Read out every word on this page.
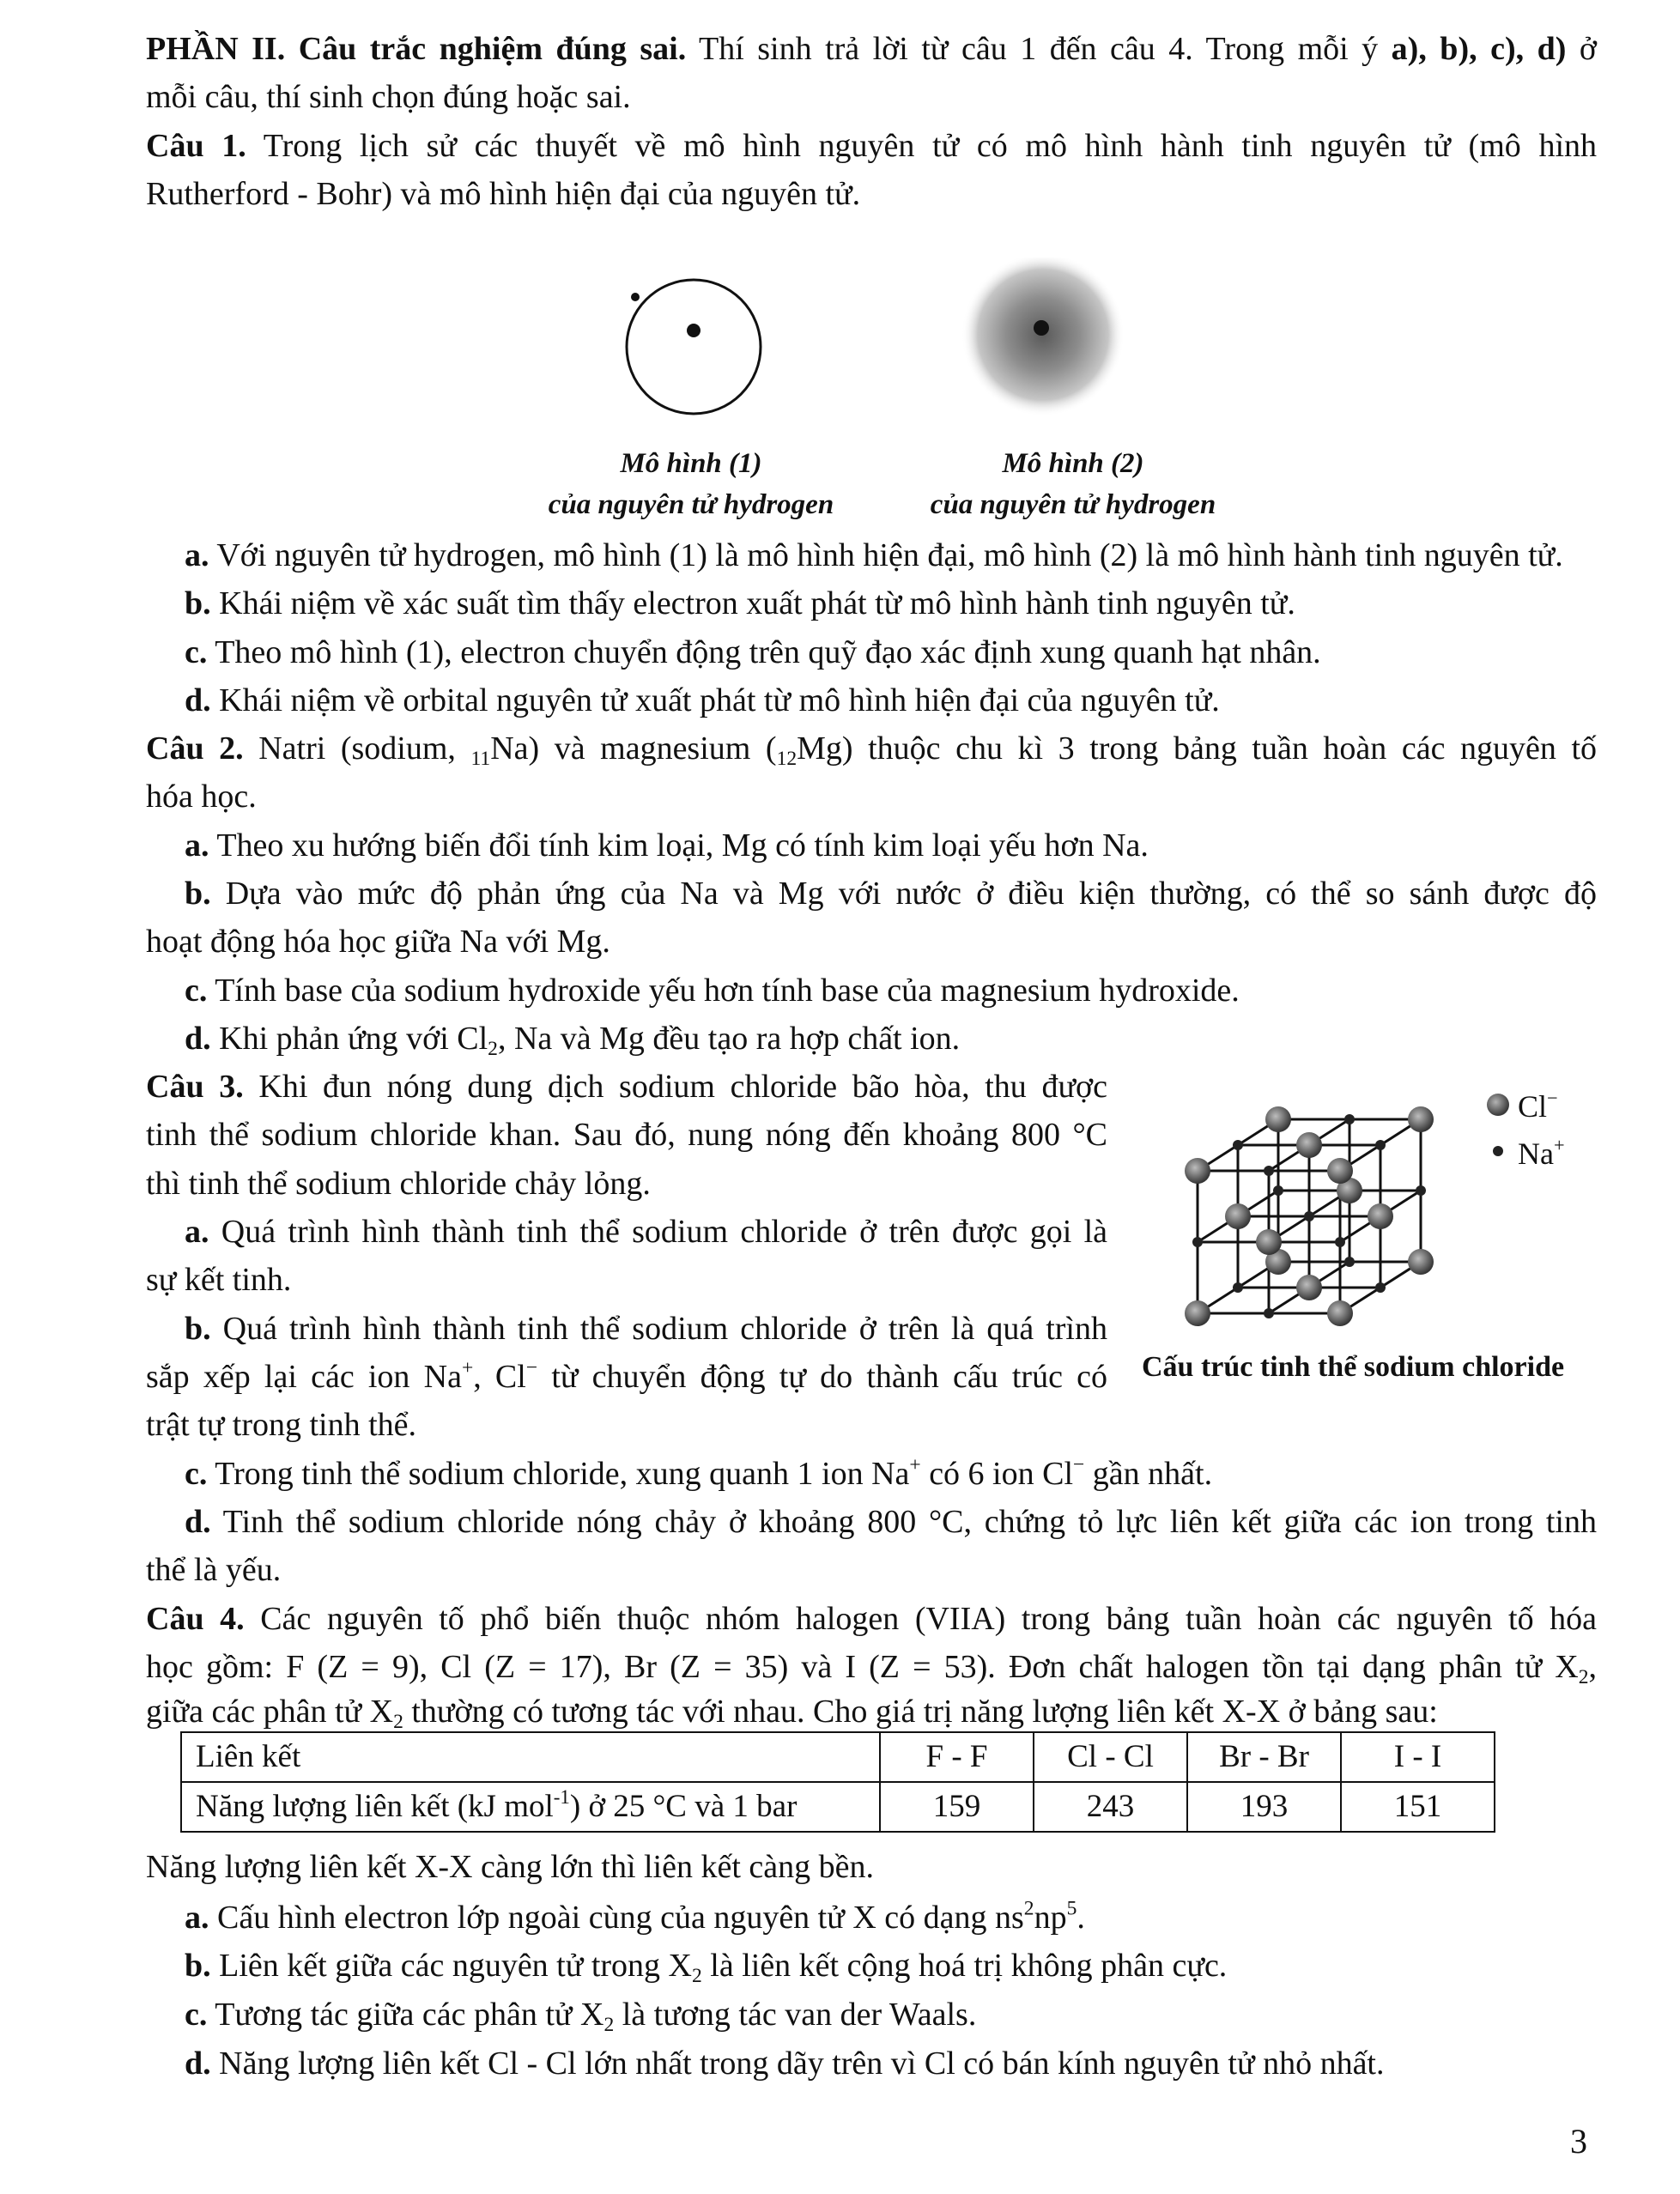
PHẦN II. Câu trắc nghiệm đúng sai. Thí sinh trả lời từ câu 1 đến câu 4. Trong mỗi ý a), b), c), d) ở
mỗi câu, thí sinh chọn đúng hoặc sai.
Câu 1. Trong lịch sử các thuyết về mô hình nguyên tử có mô hình hành tinh nguyên tử (mô hình
Rutherford - Bohr) và mô hình hiện đại của nguyên tử.
Mô hình (1)
của nguyên tử hydrogen
Mô hình (2)
của nguyên tử hydrogen
a. Với nguyên tử hydrogen, mô hình (1) là mô hình hiện đại, mô hình (2) là mô hình hành tinh nguyên tử.
b. Khái niệm về xác suất tìm thấy electron xuất phát từ mô hình hành tinh nguyên tử.
c. Theo mô hình (1), electron chuyển động trên quỹ đạo xác định xung quanh hạt nhân.
d. Khái niệm về orbital nguyên tử xuất phát từ mô hình hiện đại của nguyên tử.
Câu 2. Natri (sodium, $_{11}$Na) và magnesium $(_{12}Mg)$ thuộc chu kì 3 trong bảng tuần hoàn các nguyên tố
hóa học.
a. Theo xu hướng biến đổi tính kim loại, Mg có tính kim loại yếu hơn Na.
b. Dựa vào mức độ phản ứng của Na và Mg với nước ở điều kiện thường, có thể so sánh được độ
hoạt động hóa học giữa Na với Mg.
c. Tính base của sodium hydroxide yếu hơn tính base của magnesium hydroxide.
d. Khi phản ứng với $Cl_2$, Na và Mg đều tạo ra hợp chất ion.
Câu 3. Khi đun nóng dung dịch sodium chloride bão hòa, thu được
tinh thể sodium chloride khan. Sau đó, nung nóng đến khoảng 800 °C
thì tinh thể sodium chloride chảy lỏng.
a. Quá trình hình thành tinh thể sodium chloride ở trên được gọi là
sự kết tinh.
b. Quá trình hình thành tinh thể sodium chloride ở trên là quá trình
sắp xếp lại các ion Na+, Cl− từ chuyển động tự do thành cấu trúc có
trật tự trong tinh thể.
c. Trong tinh thể sodium chloride, xung quanh 1 ion Na+ có 6 ion Cl− gần nhất.
d. Tinh thể sodium chloride nóng chảy ở khoảng 800 °C, chứng tỏ lực liên kết giữa các ion trong tinh
thể là yếu.
Cl−
Na+
Cấu trúc tinh thể sodium chloride
Câu 4. Các nguyên tố phổ biến thuộc nhóm halogen (VIIA) trong bảng tuần hoàn các nguyên tố hóa
học gồm: F (Z = 9), Cl (Z = 17), Br (Z = 35) và I (Z = 53). Đơn chất halogen tồn tại dạng phân tử $X_2$,
giữa các phân tử $X_2$ thường có tương tác với nhau. Cho giá trị năng lượng liên kết X-X ở bảng sau:
Liên kết	F - F	Cl - Cl	Br - Br	I - I
Năng lượng liên kết (kJ mol$^{-1}$) ở 25 °C và 1 bar	159	243	193	151
Năng lượng liên kết X-X càng lớn thì liên kết càng bền.
a. Cấu hình electron lớp ngoài cùng của nguyên tử X có dạng $ns^2np^5$.
b. Liên kết giữa các nguyên tử trong $X_2$ là liên kết cộng hoá trị không phân cực.
c. Tương tác giữa các phân tử $X_2$ là tương tác van der Waals.
d. Năng lượng liên kết Cl - Cl lớn nhất trong dãy trên vì Cl có bán kính nguyên tử nhỏ nhất.
3
